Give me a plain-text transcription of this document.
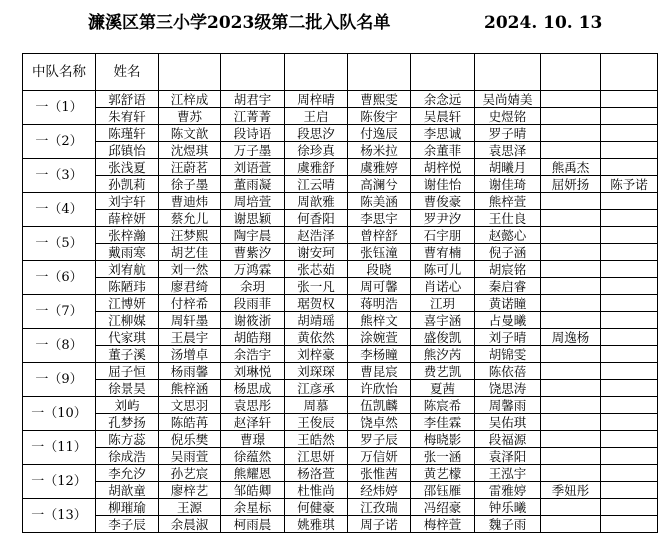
濂溪区第三小学2023级第二批入队名单	2024. 10. 13
中队名称	姓名								
一（1）	郭舒语	江梓成	胡君宇	周梓晴	曹熙雯	余念远	吴尚婧美		
	朱宥轩	曹苏	江菁菁	王启	陈俊宇	吴晨轩	史煜铭		
一（2）	陈瑾轩	陈文歆	段诗语	段思汐	付逸辰	李思诚	罗子晴		
	邱镇怡	沈煜琪	万子墨	徐珍真	杨米拉	余董菲	袁思泽		
一（3）	张浅夏	汪蔚茗	刘语萱	虞雅舒	虞雅婷	胡梓悦	胡曦月	熊禹杰	
	孙凯莉	徐子墨	董雨凝	江云晴	高澜兮	谢佳怡	谢佳琦	屈妍扬	陈予诺
一（4）	刘宇轩	曹迪炜	周培萱	周歆雅	陈美涵	曹俊豪	熊梓萱		
	薛梓妍	蔡允儿	谢思颖	何香阳	李思宇	罗尹汐	王仕良		
一（5）	张梓瀚	汪梦熙	陶宇晨	赵浩泽	曾梓舒	石宇朋	赵懿心		
	戴雨寒	胡艺佳	曹紫汐	谢安珂	张钰潼	曹宥楠	倪子涵		
一（6）	刘宥航	刘一然	万鸿霖	张芯茹	段晓	陈可儿	胡宸铭		
	陈陋玮	廖君绮	余玥	张一凡	周可馨	肖诺心	秦启睿		
一（7）	江博妍	付梓希	段雨菲	琚贺权	蒋明浩	江玥	黄诺瞳		
	江柳媒	周轩墨	谢筱浙	胡靖瑶	熊梓文	喜宇涵	占曼曦		
一（8）	代家琪	王晨宇	胡皓翔	黄依然	涂婉萱	盛俊凯	刘子晴	周逸杨	
	董子溪	汤增卓	余浩宇	刘梓豪	李杨瞳	熊汐芮	胡锦雯		
一（9）	屈子恒	杨雨馨	刘琳悦	刘琛琛	曹昆宸	费艺凯	陈依蓓		
	徐景昊	熊梓涵	杨思成	江彦承	许欣怡	夏茜	饶思涛		
一（10）	刘屿	文思羽	袁思彤	周慕	伍凯麟	陈宸希	周馨雨		
	孔梦扬	陈皓苒	赵泽轩	王俊辰	饶卓然	李佳霖	吴佑琪		
一（11）	陈方蕊	倪乐樊	曹璟	王皓然	罗子辰	梅晓影	段福源		
	徐成浩	吴雨萱	徐蕴然	江思妍	万信妍	张一涵	袁泽阳		
一（12）	李允汐	孙艺宸	熊耀恩	杨洛萱	张惟茜	黄艺檬	王泓宇		
	胡歆童	廖梓艺	邹皓卿	杜惟尚	经炜婷	邵钰雁	雷雅婷	季妞彤	
一（13）	柳璀瑜	王源	余星标	何健豪	江孜瑞	冯绍豪	钟乐曦		
	李子辰	余晨淑	柯雨晨	姚雅琪	周子诺	梅梓萱	魏子雨		
